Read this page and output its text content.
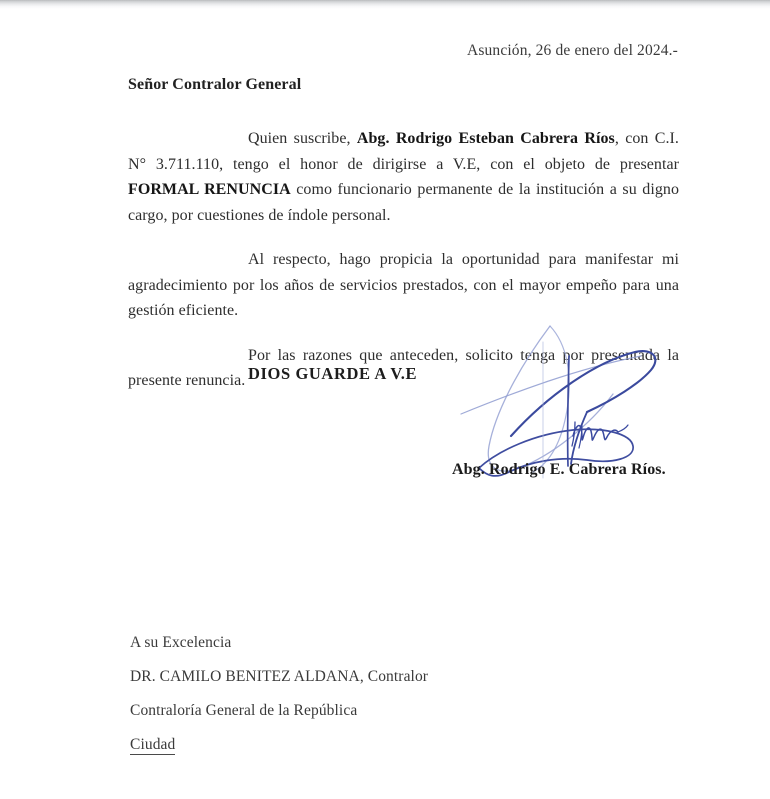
Asunción, 26 de enero del 2024.-
Señor Contralor General

Quien suscribe, Abg. Rodrigo Esteban Cabrera Ríos, con C.I. N° 3.711.110, tengo el honor de dirigirse a V.E, con el objeto de presentar FORMAL RENUNCIA como funcionario permanente de la institución a su digno cargo, por cuestiones de índole personal.

Al respecto, hago propicia la oportunidad para manifestar mi agradecimiento por los años de servicios prestados, con el mayor empeño para una gestión eficiente.

Por las razones que anteceden, solicito tenga por presentada la presente renuncia. DIOS GUARDE A V.E
Abg. Rodrigo E. Cabrera Ríos.
A su Excelencia
DR. CAMILO BENITEZ ALDANA, Contralor
Contraloría General de la República
Ciudad
